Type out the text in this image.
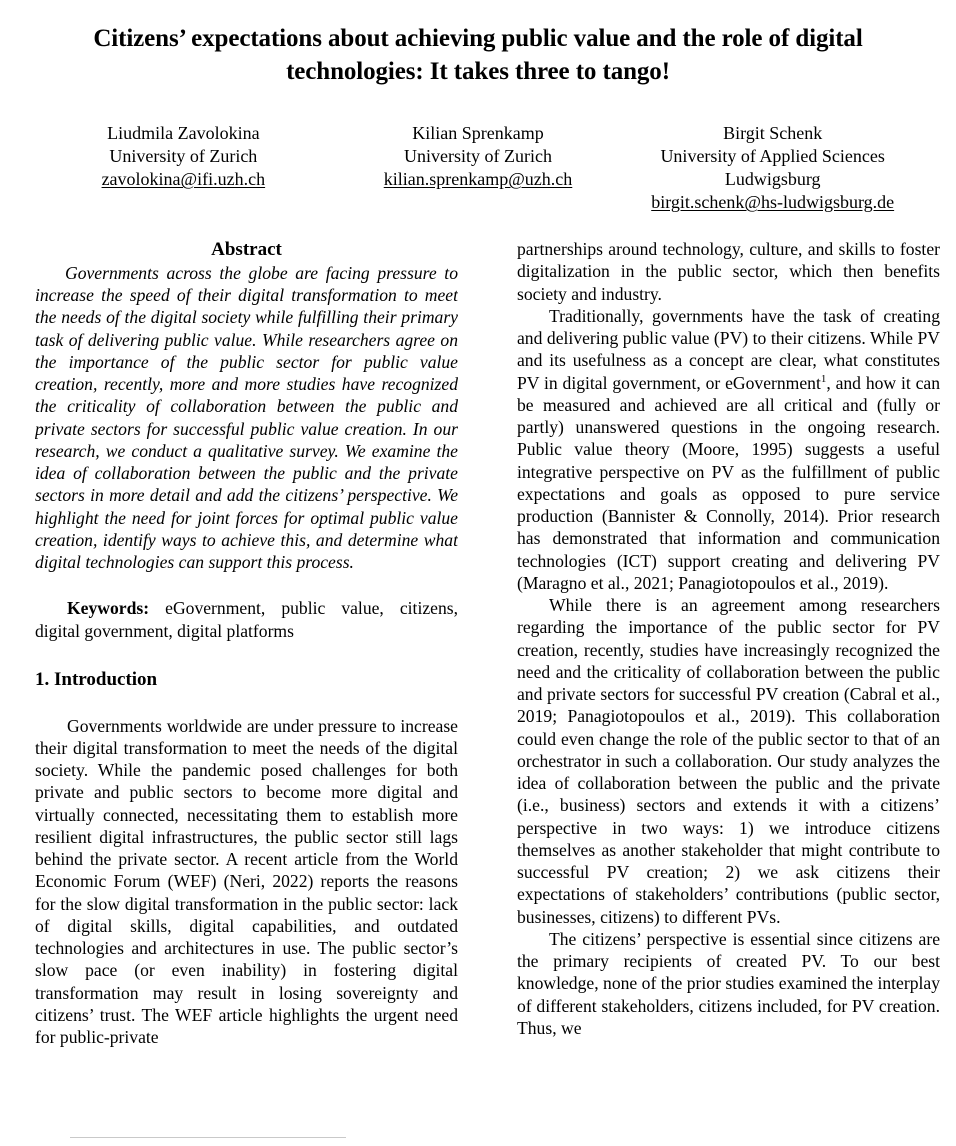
Citizens’ expectations about achieving public value and the role of digital technologies: It takes three to tango!
Liudmila Zavolokina
University of Zurich
zavolokina@ifi.uzh.ch
Kilian Sprenkamp
University of Zurich
kilian.sprenkamp@uzh.ch
Birgit Schenk
University of Applied Sciences
Ludwigsburg
birgit.schenk@hs-ludwigsburg.de
Abstract

Governments across the globe are facing pressure to increase the speed of their digital transformation to meet the needs of the digital society while fulfilling their primary task of delivering public value. While researchers agree on the importance of the public sector for public value creation, recently, more and more studies have recognized the criticality of collaboration between the public and private sectors for successful public value creation. In our research, we conduct a qualitative survey. We examine the idea of collaboration between the public and the private sectors in more detail and add the citizens’ perspective. We highlight the need for joint forces for optimal public value creation, identify ways to achieve this, and determine what digital technologies can support this process.

Keywords: eGovernment, public value, citizens, digital government, digital platforms

1. Introduction

Governments worldwide are under pressure to increase their digital transformation to meet the needs of the digital society. While the pandemic posed challenges for both private and public sectors to become more digital and virtually connected, necessitating them to establish more resilient digital infrastructures, the public sector still lags behind the private sector. A recent article from the World Economic Forum (WEF) (Neri, 2022) reports the reasons for the slow digital transformation in the public sector: lack of digital skills, digital capabilities, and outdated technologies and architectures in use. The public sector’s slow pace (or even inability) in fostering digital transformation may result in losing sovereignty and citizens’ trust. The WEF article highlights the urgent need for public-private

partnerships around technology, culture, and skills to foster digitalization in the public sector, which then benefits society and industry.

Traditionally, governments have the task of creating and delivering public value (PV) to their citizens. While PV and its usefulness as a concept are clear, what constitutes PV in digital government, or eGovernment$^1$, and how it can be measured and achieved are all critical and (fully or partly) unanswered questions in the ongoing research. Public value theory (Moore, 1995) suggests a useful integrative perspective on PV as the fulfillment of public expectations and goals as opposed to pure service production (Bannister & Connolly, 2014). Prior research has demonstrated that information and communication technologies (ICT) support creating and delivering PV (Maragno et al., 2021; Panagiotopoulos et al., 2019).

While there is an agreement among researchers regarding the importance of the public sector for PV creation, recently, studies have increasingly recognized the need and the criticality of collaboration between the public and private sectors for successful PV creation (Cabral et al., 2019; Panagiotopoulos et al., 2019). This collaboration could even change the role of the public sector to that of an orchestrator in such a collaboration. Our study analyzes the idea of collaboration between the public and the private (i.e., business) sectors and extends it with a citizens’ perspective in two ways: 1) we introduce citizens themselves as another stakeholder that might contribute to successful PV creation; 2) we ask citizens their expectations of stakeholders’ contributions (public sector, businesses, citizens) to different PVs.

The citizens’ perspective is essential since citizens are the primary recipients of created PV. To our best knowledge, none of the prior studies examined the interplay of different stakeholders, citizens included, for PV creation. Thus, we
